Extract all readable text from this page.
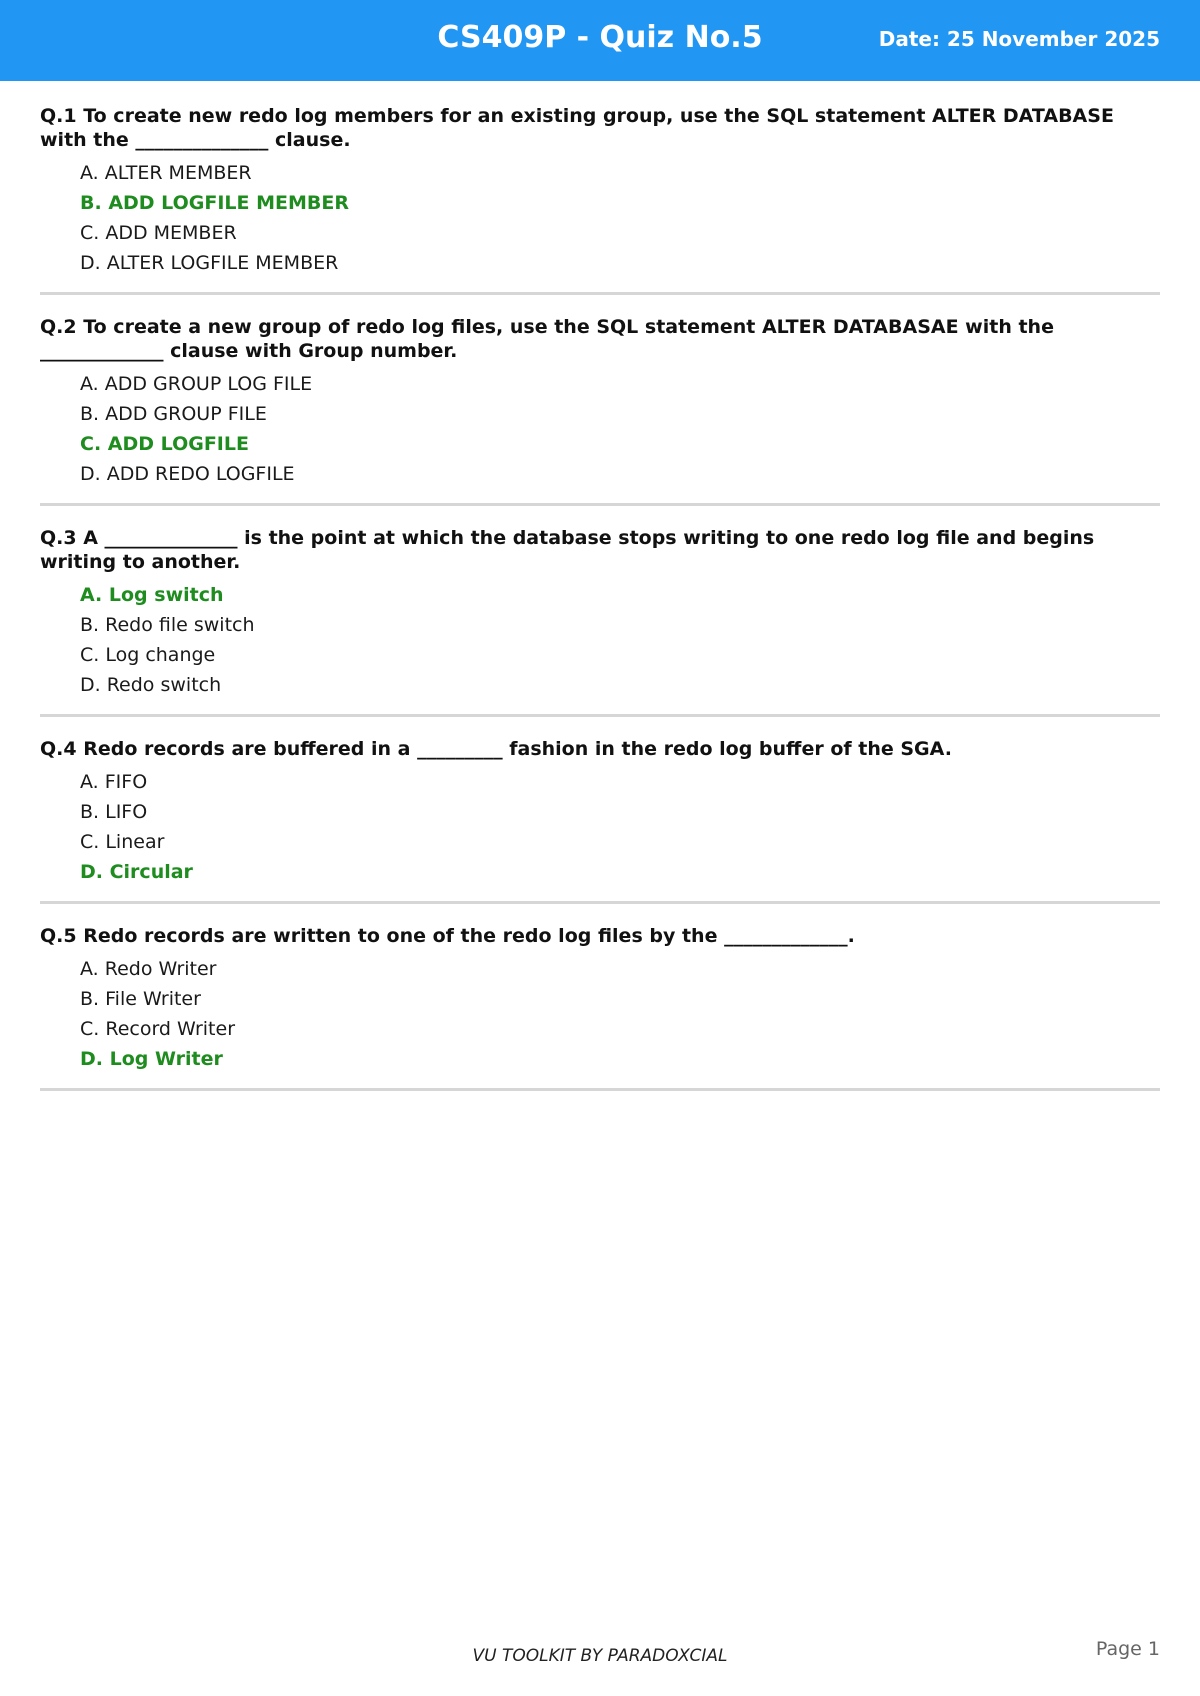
CS409P - Quiz No.5	Date: 25 November 2025

Q.1 To create new redo log members for an existing group, use the SQL statement ALTER DATABASE with the ______________ clause.

A. ALTER MEMBER
B. ADD LOGFILE MEMBER
C. ADD MEMBER
D. ALTER LOGFILE MEMBER

Q.2 To create a new group of redo log files, use the SQL statement ALTER DATABASAE with the _____________ clause with Group number.

A. ADD GROUP LOG FILE
B. ADD GROUP FILE
C. ADD LOGFILE
D. ADD REDO LOGFILE

Q.3 A ______________ is the point at which the database stops writing to one redo log file and begins writing to another.

A. Log switch
B. Redo file switch
C. Log change
D. Redo switch

Q.4 Redo records are buffered in a _________ fashion in the redo log buffer of the SGA.

A. FIFO
B. LIFO
C. Linear
D. Circular

Q.5 Redo records are written to one of the redo log files by the _____________.

A. Redo Writer
B. File Writer
C. Record Writer
D. Log Writer
VU TOOLKIT BY PARADOXCIAL	Page 1
